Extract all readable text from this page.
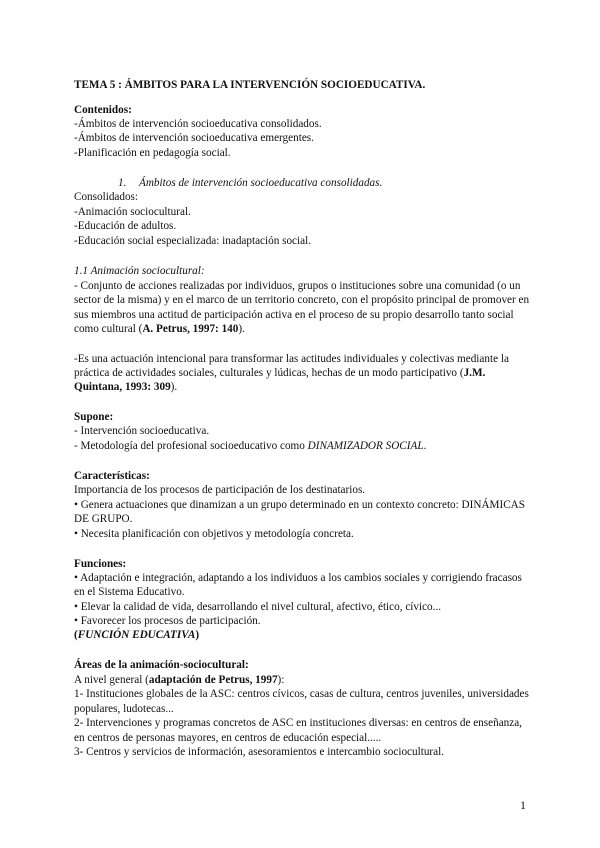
TEMA 5 : ÁMBITOS PARA LA INTERVENCIÓN SOCIOEDUCATIVA.
Contenidos:
-Ámbitos de intervención socioeducativa consolidados.
-Ámbitos de intervención socioeducativa emergentes.
-Planificación en pedagogía social.
1. Ámbitos de intervención socioeducativa consolidadas.
Consolidados:
-Animación sociocultural.
-Educación de adultos.
-Educación social especializada: inadaptación social.
1.1 Animación sociocultural:
- Conjunto de acciones realizadas por individuos, grupos o instituciones sobre una comunidad (o un
sector de la misma) y en el marco de un territorio concreto, con el propósito principal de promover en
sus miembros una actitud de participación activa en el proceso de su propio desarrollo tanto social
como cultural (A. Petrus, 1997: 140).
-Es una actuación intencional para transformar las actitudes individuales y colectivas mediante la
práctica de actividades sociales, culturales y lúdicas, hechas de un modo participativo (J.M.
Quintana, 1993: 309).
Supone:
- Intervención socioeducativa.
- Metodología del profesional socioeducativo como DINAMIZADOR SOCIAL.
Características:
Importancia de los procesos de participación de los destinatarios.
• Genera actuaciones que dinamizan a un grupo determinado en un contexto concreto: DINÁMICAS
DE GRUPO.
• Necesita planificación con objetivos y metodología concreta.
Funciones:
• Adaptación e integración, adaptando a los individuos a los cambios sociales y corrigiendo fracasos
en el Sistema Educativo.
• Elevar la calidad de vida, desarrollando el nivel cultural, afectivo, ético, cívico...
• Favorecer los procesos de participación.
(FUNCIÓN EDUCATIVA)
Áreas de la animación-sociocultural:
A nivel general (adaptación de Petrus, 1997):
1- Instituciones globales de la ASC: centros cívicos, casas de cultura, centros juveniles, universidades
populares, ludotecas...
2- Intervenciones y programas concretos de ASC en instituciones diversas: en centros de enseñanza,
en centros de personas mayores, en centros de educación especial.....
3- Centros y servicios de información, asesoramientos e intercambio sociocultural.
1
